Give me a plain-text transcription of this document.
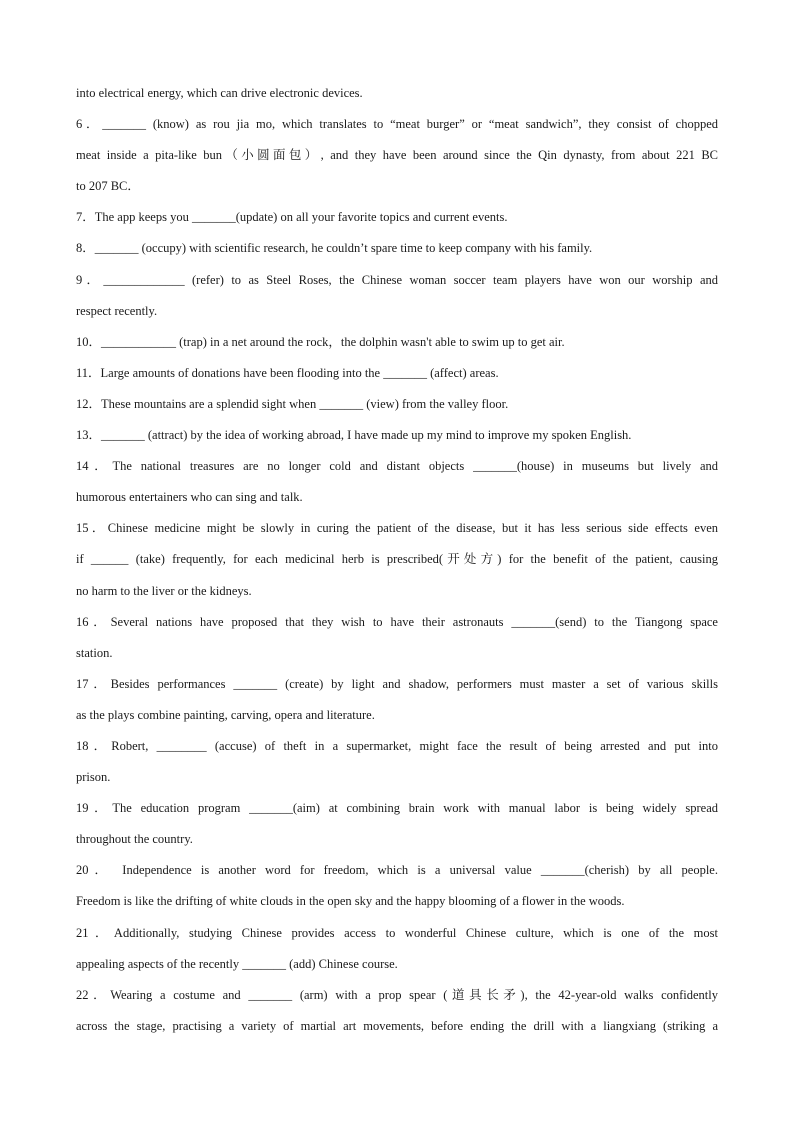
into electrical energy, which can drive electronic devices.
6．_______ (know) as rou jia mo, which translates to “meat burger” or “meat sandwich”, they consist of chopped
meat inside a pita-like bun（小圆面包）, and they have been around since the Qin dynasty, from about 221 BC
to 207 BC．
7．The app keeps you _______(update) on all your favorite topics and current events.
8．_______ (occupy) with scientific research, he couldn’t spare time to keep company with his family.
9．_____________ (refer) to as Steel Roses, the Chinese woman soccer team players have won our worship and
respect recently.
10．____________ (trap) in a net around the rock，the dolphin wasn't able to swim up to get air.
11．Large amounts of donations have been flooding into the _______ (affect) areas.
12．These mountains are a splendid sight when _______ (view) from the valley floor.
13．_______ (attract) by the idea of working abroad, I have made up my mind to improve my spoken English.
14．The national treasures are no longer cold and distant objects _______(house) in museums but lively and
humorous entertainers who can sing and talk.
15．Chinese medicine might be slowly in curing the patient of the disease, but it has less serious side effects even
if ______ (take) frequently, for each medicinal herb is prescribed(开处方) for the benefit of the patient, causing
no harm to the liver or the kidneys.
16．Several nations have proposed that they wish to have their astronauts _______(send) to the Tiangong space
station.
17．Besides performances _______ (create) by light and shadow, performers must master a set of various skills
as the plays combine painting, carving, opera and literature.
18．Robert, ________ (accuse) of theft in a supermarket, might face the result of being arrested and put into
prison.
19．The education program _______(aim) at combining brain work with manual labor is being widely spread
throughout the country.
20． Independence is another word for freedom, which is a universal value _______(cherish) by all people.
Freedom is like the drifting of white clouds in the open sky and the happy blooming of a flower in the woods.
21．Additionally, studying Chinese provides access to wonderful Chinese culture, which is one of the most
appealing aspects of the recently _______ (add) Chinese course.
22．Wearing a costume and _______ (arm) with a prop spear (道具长矛), the 42-year-old walks confidently
across the stage, practising a variety of martial art movements, before ending the drill with a liangxiang (striking a
